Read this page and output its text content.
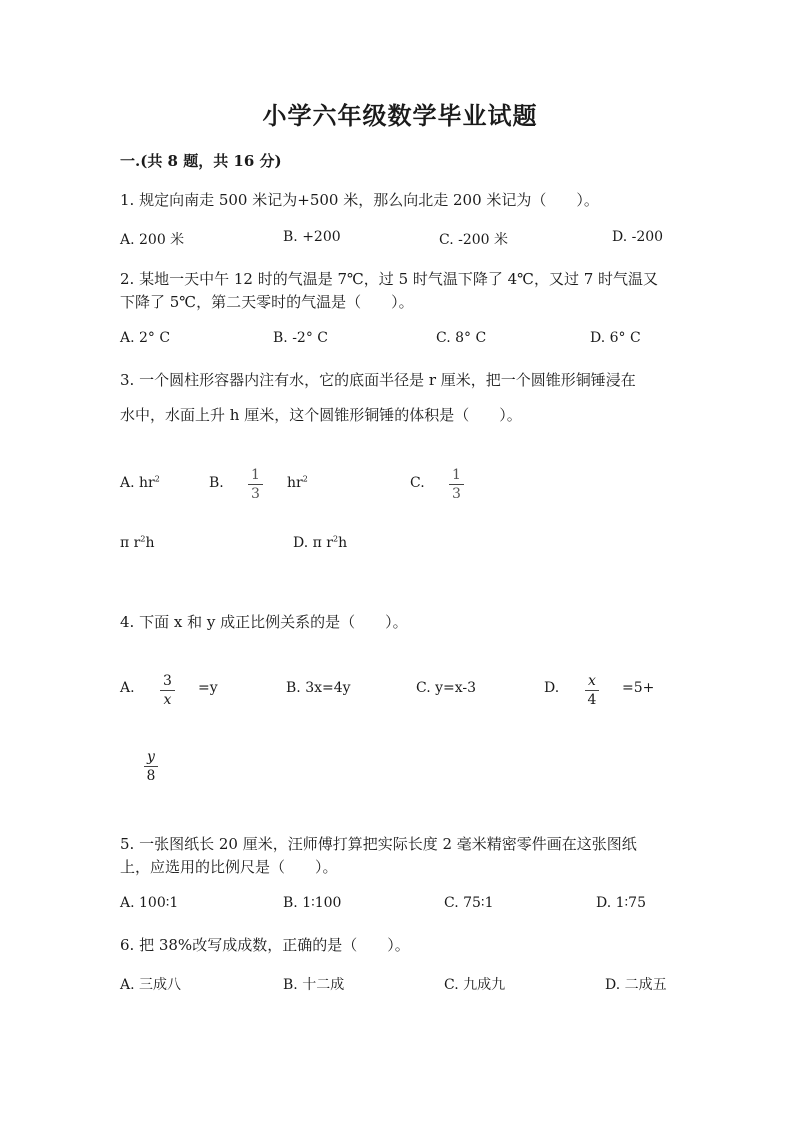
小学六年级数学毕业试题
一.(共 8 题，共 16 分)
1. 规定向南走 500 米记为+500 米，那么向北走 200 米记为（　　）。
A. 200 米	B. +200	C. -200 米	D. -200
2. 某地一天中午 12 时的气温是 7℃，过 5 时气温下降了 4℃，又过 7 时气温又
下降了 5℃，第二天零时的气温是（　　）。
A. 2° C	B. -2° C	C. 8° C	D. 6° C
3. 一个圆柱形容器内注有水，它的底面半径是 r 厘米，把一个圆锥形铜锤浸在
水中，水面上升 h 厘米，这个圆锥形铜锤的体积是（　　）。
A. $hr^2$	B. $\frac{1}{3} hr^2$	C. $\frac{1}{3}$
π $r^2h$	D. π $r^2h$
4. 下面 x 和 y 成正比例关系的是（　　）。
A. $\frac{3}{x} =y$	B. 3x=4y	C. y=x-3	D. $\frac{x}{4} =5+$
$\frac{y}{8}$
5. 一张图纸长 20 厘米，汪师傅打算把实际长度 2 毫米精密零件画在这张图纸
上，应选用的比例尺是（　　）。
A. 100∶1	B. 1∶100	C. 75∶1	D. 1∶75
6. 把 38%改写成成数，正确的是（　　）。
A. 三成八	B. 十二成	C. 九成九	D. 二成五
